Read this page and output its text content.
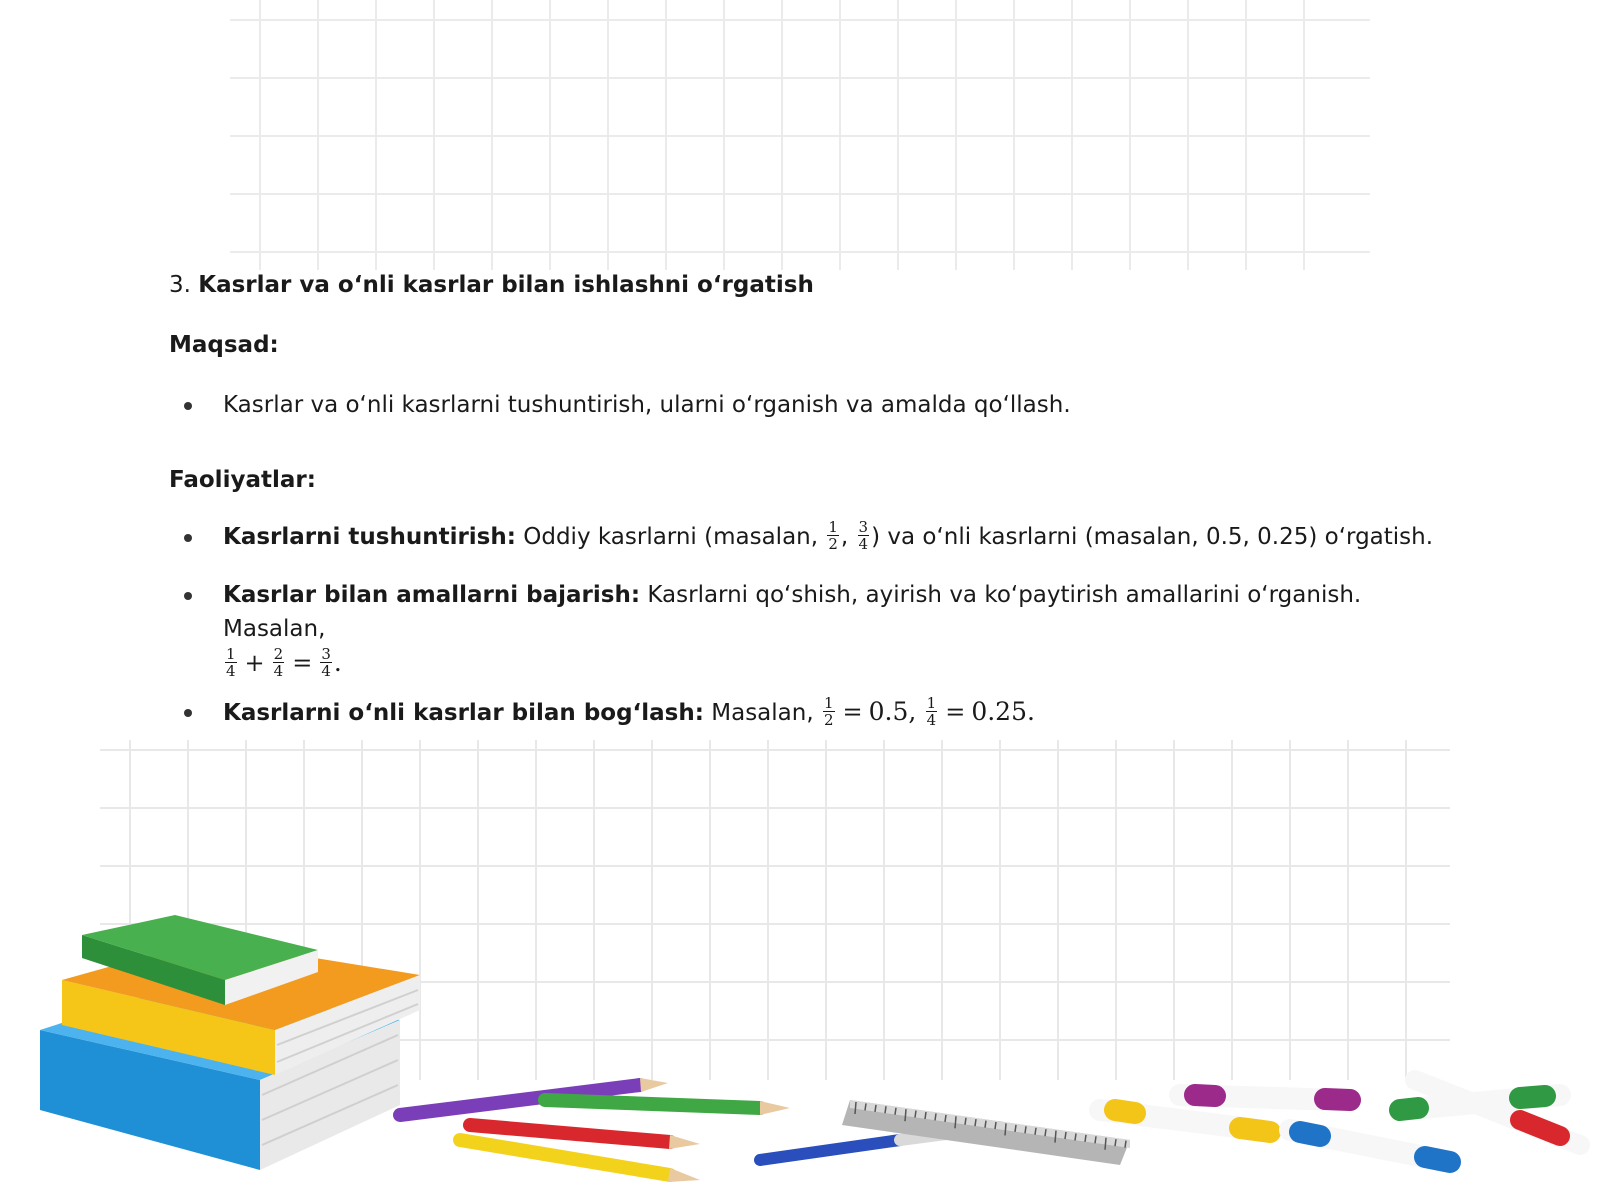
3. Kasrlar va o‘nli kasrlar bilan ishlashni o‘rgatish

Maqsad:

Kasrlar va o‘nli kasrlarni tushuntirish, ularni o‘rganish va amalda qo‘llash.

Faoliyatlar:

Kasrlarni tushuntirish: Oddiy kasrlarni (masalan, $\frac{1}{2}$ , $\frac{3}{4}$ ) va o‘nli kasrlarni (masalan, 0.5, 0.25) o‘rgatish.
Kasrlar bilan amallarni bajarish: Kasrlarni qo‘shish, ayirish va ko‘paytirish amallarini o‘rganish. Masalan,

$\frac{1}{4} + \frac{2}{4} = \frac{3}{4}$ .
Kasrlarni o‘nli kasrlar bilan bog‘lash: Masalan, $\frac{1}{2} = 0.5$, $\frac{1}{4} = 0.25$.
